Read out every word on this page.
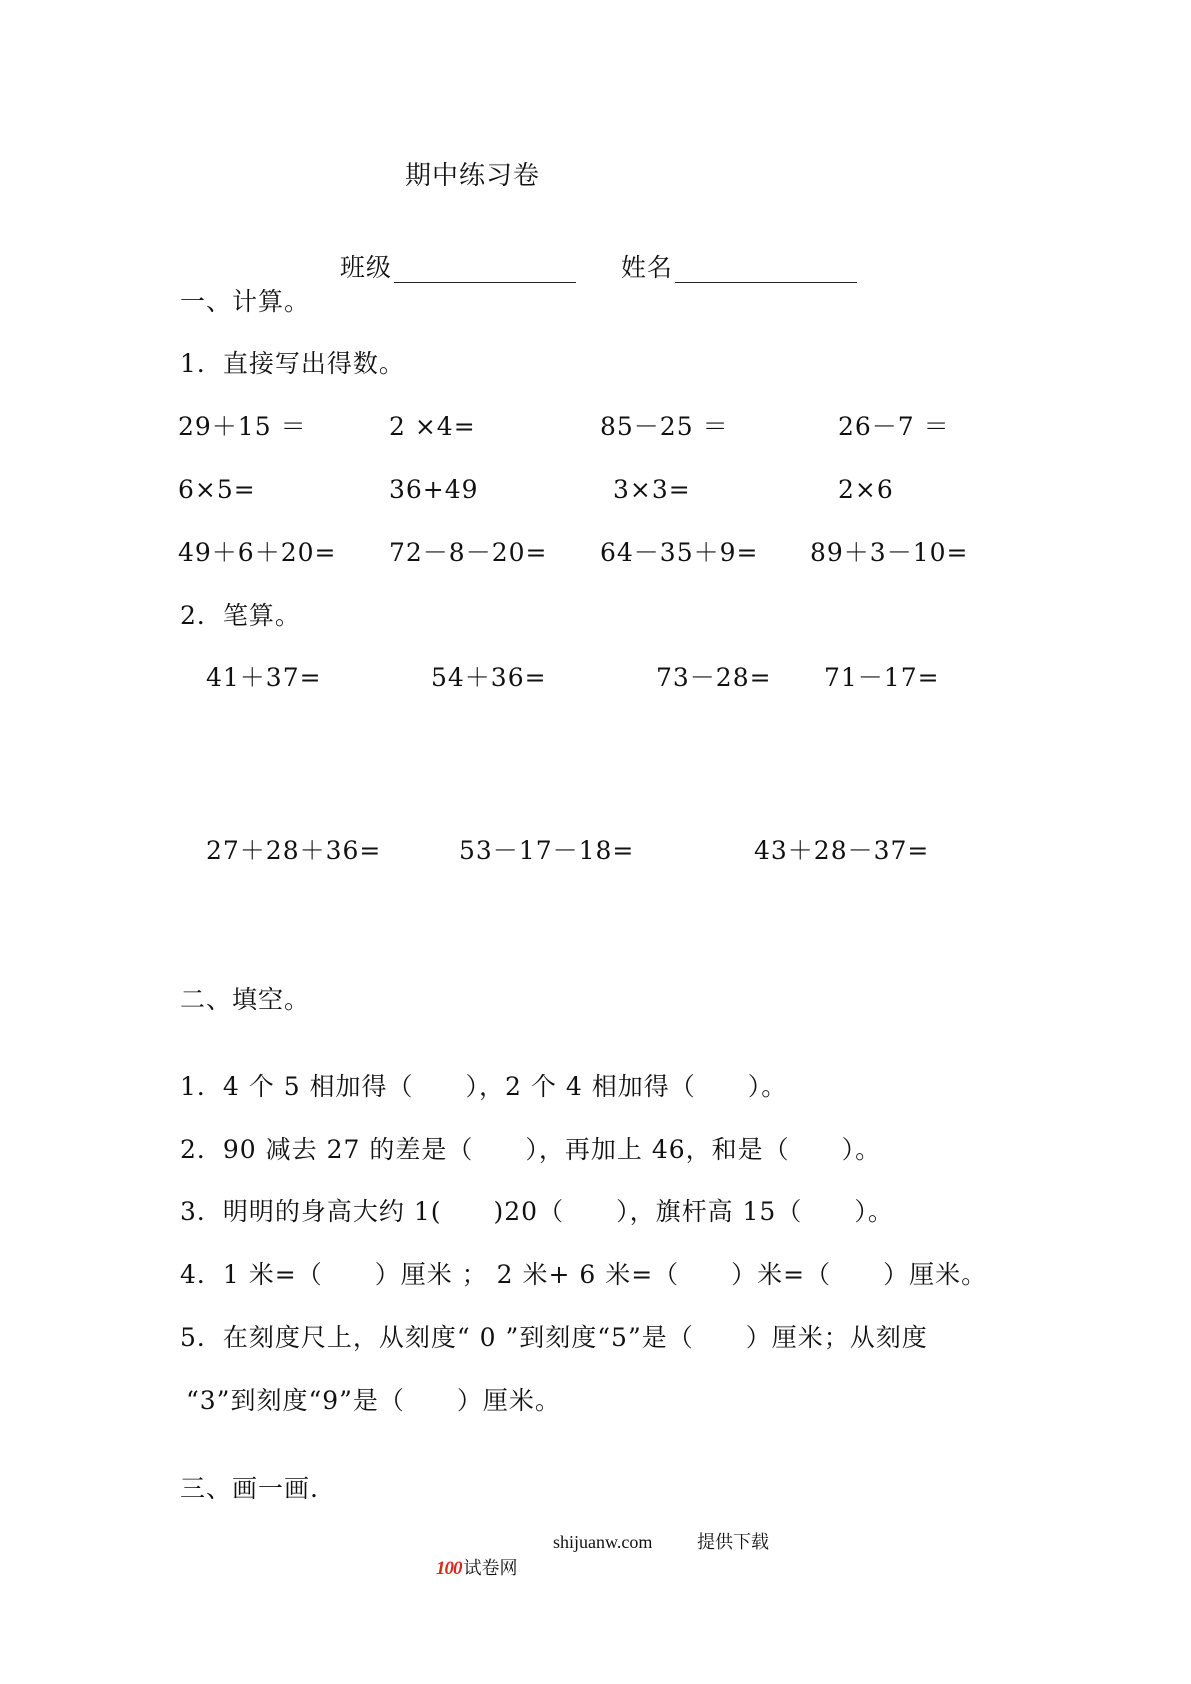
期中练习卷

班级	姓名

一、计算。
1．直接写出得数。
29＋15 ＝	2 ×4=	85－25 ＝	26－7 ＝
6×5=	36+49	3×3=	2×6
49＋6＋20= 72－8－20= 64－35＋9= 89＋3－10=
2．笔算。
41＋37=	54＋36=	73－28= 71－17=
27＋28＋36=	53－17－18=	43＋28－37=
二、填空。
1．4 个 5 相加得（　　），2 个 4 相加得（　　）。
2．90 减去 27 的差是（　　），再加上 46，和是（　　）。
3．明明的身高大约 1(　　)20（　　），旗杆高 15（　　）。
4．1 米=（　　）厘米 ； 2 米+ 6 米=（　　）米=（　　）厘米。
5．在刻度尺上，从刻度“ 0 ”到刻度“5”是（　　）厘米；从刻度
“3”到刻度“9”是（　　）厘米。
三、画一画.

100 试卷网

shijuanw.com 提供下载
